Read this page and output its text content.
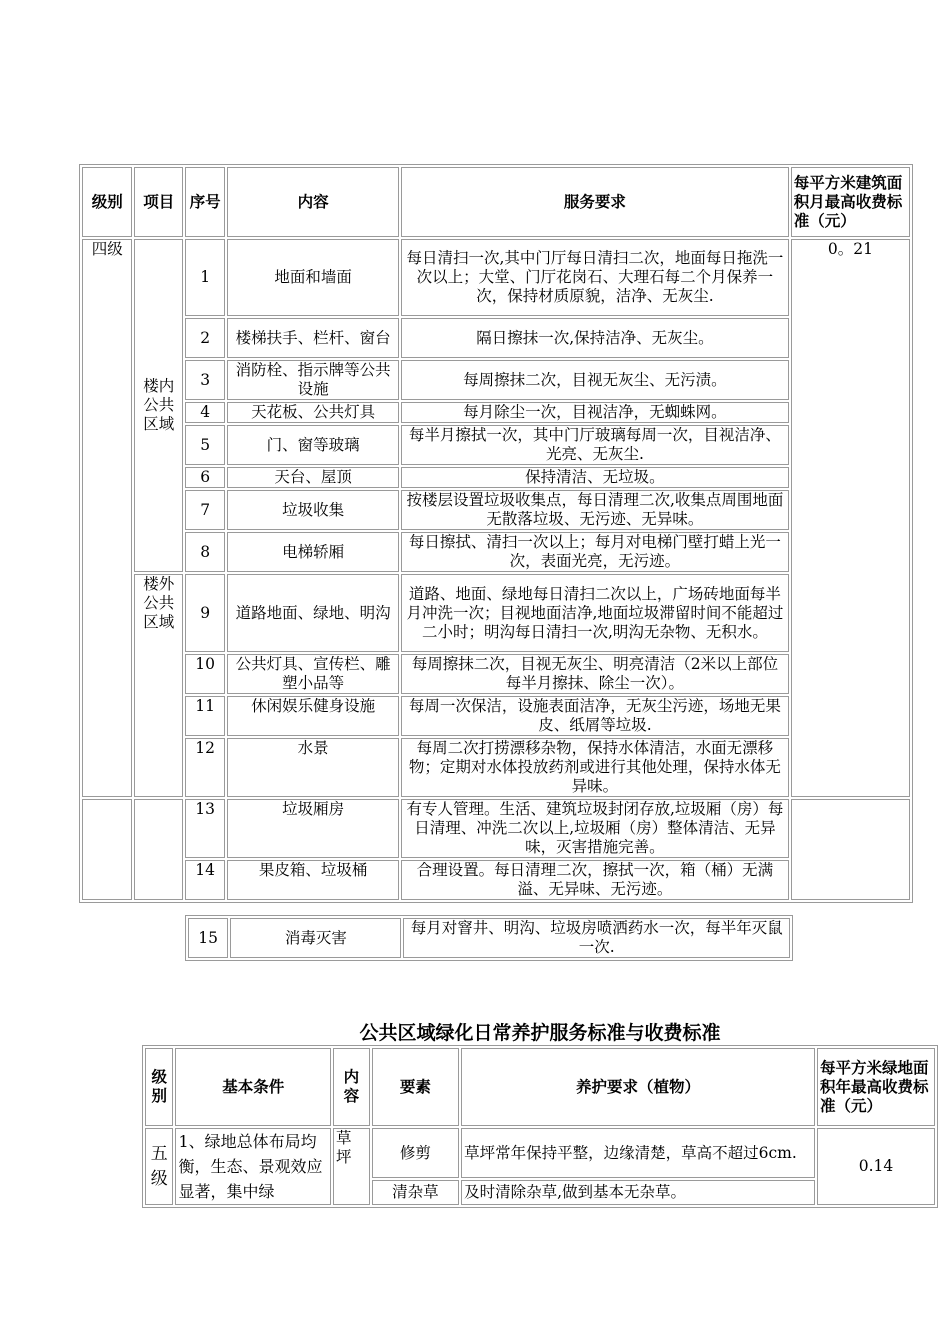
级别	项目	序号	内容	服务要求	每平方米建筑面积月最高收费标准（元）
四级	楼内公共区域	1	地面和墙面	每日清扫一次,其中门厅每日清扫二次，地面每日拖洗一次以上；大堂、门厅花岗石、大理石每二个月保养一次，保持材质原貌，洁净、无灰尘.	0。21
		2	楼梯扶手、栏杆、窗台	隔日擦抹一次,保持洁净、无灰尘。	
		3	消防栓、指示牌等公共设施	每周擦抹二次，目视无灰尘、无污渍。	
		4	天花板、公共灯具	每月除尘一次，目视洁净，无蜘蛛网。	
		5	门、窗等玻璃	每半月擦拭一次，其中门厅玻璃每周一次，目视洁净、光亮、无灰尘.	
		6	天台、屋顶	保持清洁、无垃圾。	
		7	垃圾收集	按楼层设置垃圾收集点，每日清理二次,收集点周围地面无散落垃圾、无污迹、无异味。	
		8	电梯轿厢	每日擦拭、清扫一次以上；每月对电梯门壁打蜡上光一次，表面光亮，无污迹。	
	楼外公共区域	9	道路地面、绿地、明沟	道路、地面、绿地每日清扫二次以上，广场砖地面每半月冲洗一次；目视地面洁净,地面垃圾滞留时间不能超过二小时；明沟每日清扫一次,明沟无杂物、无积水。	
		10	公共灯具、宣传栏、雕塑小品等	每周擦抹二次，目视无灰尘、明亮清洁（2米以上部位每半月擦抹、除尘一次）。	
		11	休闲娱乐健身设施	每周一次保洁，设施表面洁净，无灰尘污迹，场地无果皮、纸屑等垃圾.	
		12	水景	每周二次打捞漂移杂物，保持水体清洁，水面无漂移物；定期对水体投放药剂或进行其他处理，保持水体无异味。	
		13	垃圾厢房	有专人管理。生活、建筑垃圾封闭存放,垃圾厢（房）每日清理、冲洗二次以上,垃圾厢（房）整体清洁、无异味，灭害措施完善。	
		14	果皮箱、垃圾桶	合理设置。每日清理二次，擦拭一次，箱（桶）无满溢、无异味、无污迹。	
15	消毒灭害	每月对窨井、明沟、垃圾房喷洒药水一次，每半年灭鼠一次.
公共区域绿化日常养护服务标准与收费标准
级别	基本条件	内容	要素	养护要求（植物）	每平方米绿地面积年最高收费标准（元）
五级	1、绿地总体布局均衡，生态、景观效应显著，集中绿	草坪	修剪	草坪常年保持平整，边缘清楚，草高不超过6cm.	0.14
			清杂草	及时清除杂草,做到基本无杂草。	
